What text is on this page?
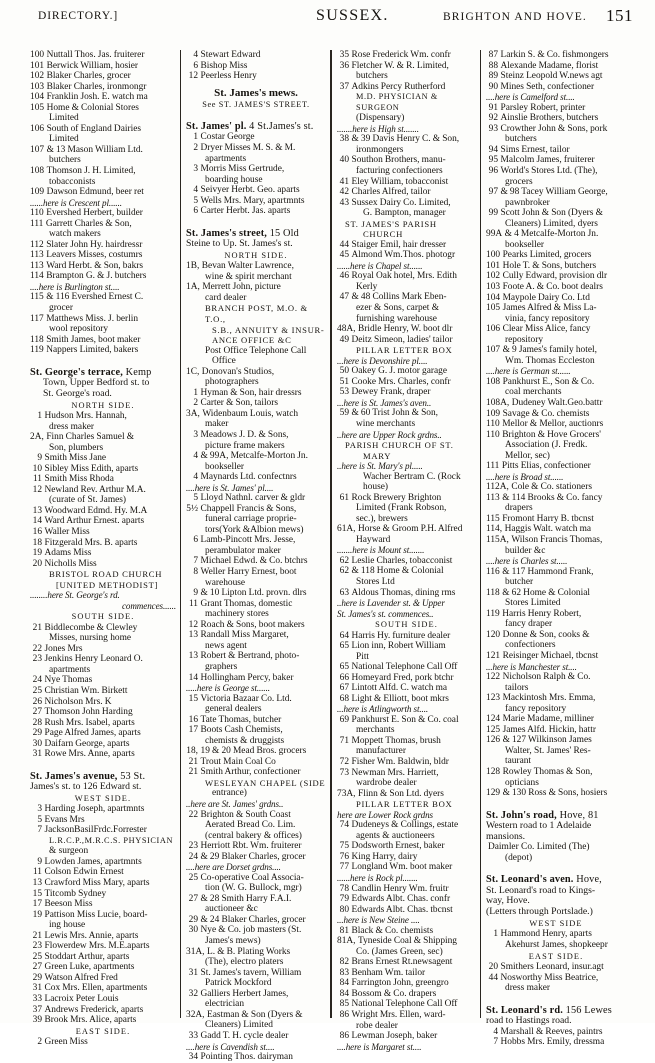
DIRECTORY.]	SUSSEX.	BRIGHTON AND HOVE. 151
100 Nuttall Thos. Jas. fruiterer
101 Berwick William, hosier
102 Blaker Charles, grocer
103 Blaker Charles, ironmongr
104 Franklin Josh. E. watch ma
105 Home & Colonial Stores
Limited
106 South of England Dairies
Limited
107 & 13 Mason William Ltd.
butchers
108 Thomson J. H. Limited,
tobacconists
109 Dawson Edmund, beer ret
......here is Crescent pl......
110 Evershed Herbert, builder
111 Garrett Charles & Son,
watch makers
112 Slater John Hy. hairdressr
113 Leavers Misses, costumrs
113 Ward Herbt. & Son, bakrs
114 Brampton G. & J. butchers
....here is Burlington st....
115 & 116 Evershed Ernest C.
grocer
117 Matthews Miss. J. berlin
wool repository
118 Smith James, boot maker
119 Nappers Limited, bakers
St. George's terrace, Kemp
Town, Upper Bedford st. to
St. George's road.
NORTH SIDE.
1 Hudson Mrs. Hannah,
dress maker
2A, Finn Charles Samuel &
Son, plumbers
9 Smith Miss Jane
10 Sibley Miss Edith, aparts
11 Smith Miss Rhoda
12 Newland Rev. Arthur M.A.
(curate of St. James)
13 Woodward Edmd. Hy. M.A
14 Ward Arthur Ernest. aparts
16 Waller Miss
18 Fitzgerald Mrs. B. aparts
19 Adams Miss
20 Nicholls Miss
BRISTOL ROAD CHURCH
[UNITED METHODIST]
........here St. George's rd.
commences......
SOUTH SIDE.
21 Biddlecombe & Clewley
Misses, nursing home
22 Jones Mrs
23 Jenkins Henry Leonard O.
apartments
24 Nye Thomas
25 Christian Wm. Birkett
26 Nicholson Mrs. K
27 Thomson John Harding
28 Rush Mrs. Isabel, aparts
29 Page Alfred James, aparts
30 Daifarn George, aparts
31 Rowe Mrs. Anne, aparts
St. James's avenue, 53 St.
James's st. to 126 Edward st.
WEST SIDE.
3 Harding Joseph, apartmnts
5 Evans Mrs
7 JacksonBasilFrdc.Forrester
L.R.C.P.,M.R.C.S. PHYSICIAN
& surgeon
9 Lowden James, apartmnts
11 Colson Edwin Ernest
13 Crawford Miss Mary, aparts
15 Titcomb Sydney
17 Beeson Miss
19 Pattison Miss Lucie, board-
ing house
21 Lewis Mrs. Annie, aparts
23 Flowerdew Mrs. M.E.aparts
25 Stoddart Arthur, aparts
27 Green Luke, apartments
29 Watson Alfred Fred
31 Cox Mrs. Ellen, apartments
33 Lacroix Peter Louis
37 Andrews Frederick, aparts
39 Brook Mrs. Alice, aparts
EAST SIDE.
2 Green Miss
4 Stewart Edward
6 Bishop Miss
12 Peerless Henry
St. James's mews.
See ST. JAMES'S STREET.
St. James' pl. 4 St.James's st.
1 Costar George
2 Dryer Misses M. S. & M.
apartments
3 Morris Miss Gertrude,
boarding house
4 Seivyer Herbt. Geo. aparts
5 Wells Mrs. Mary, apartmnts
6 Carter Herbt. Jas. aparts
St. James's street, 15 Old
Steine to Up. St. James's st.
NORTH SIDE.
1B, Bevan Walter Lawrence,
wine & spirit merchant
1A, Merrett John, picture
card dealer
BRANCH POST, M.O. & T.O.,
S.B., ANNUITY & INSUR-
ANCE OFFICE &C
Post Office Telephone Call
Office
1C, Donovan's Studios,
photographers
1 Hyman & Son, hair dressrs
2 Carter & Son, tailors
3A, Widenbaum Louis, watch
maker
3 Meadows J. D. & Sons,
picture frame makers
4 & 99A, Metcalfe-Morton Jn.
bookseller
4 Maynards Ltd. confectnrs
....here is St. James' pl....
5 Lloyd Nathnl. carver & gldr
5½ Chappell Francis & Sons,
funeral carriage proprie-
tors(York &Albion mews)
6 Lamb-Pincott Mrs. Jesse,
perambulator maker
7 Michael Edwd. & Co. btchrs
8 Weller Harry Ernest, boot
warehouse
9 & 10 Lipton Ltd. provn. dlrs
11 Grant Thomas, domestic
machinery stores
12 Roach & Sons, boot makers
13 Randall Miss Margaret,
news agent
13 Robert & Bertrand, photo-
graphers
14 Hollingham Percy, baker
.....here is George st......
15 Victoria Bazaar Co. Ltd.
general dealers
16 Tate Thomas, butcher
17 Boots Cash Chemists,
chemists & druggists
18, 19 & 20 Mead Bros. grocers
21 Trout Main Coal Co
21 Smith Arthur, confectioner
WESLEYAN CHAPEL (SIDE
entrance)
..here are St. James' grdns..
22 Brighton & South Coast
Aerated Bread Co. Lim.
(central bakery & offices)
23 Herriott Rbt. Wm. fruiterer
24 & 29 Blaker Charles, grocer
....here are Dorset grdns....
25 Co-operative Coal Associa-
tion (W. G. Bullock, mgr)
27 & 28 Smith Harry F.A.I.
auctioneer &c
29 & 24 Blaker Charles, grocer
30 Nye & Co. job masters (St.
James's mews)
31A, L. & B. Plating Works
(The), electro platers
31 St. James's tavern, William
Patrick Mockford
32 Galliers Herbert James,
electrician
32A, Eastman & Son (Dyers &
Cleaners) Limited
33 Gadd T. H. cycle dealer
....here is Cavendish st....
34 Pointing Thos. dairyman
35 Rose Frederick Wm. confr
36 Fletcher W. & R. Limited,
butchers
37 Adkins Percy Rutherford
M.D. PHYSICIAN & SURGEON
(Dispensary)
.......here is High st.......
38 & 39 Davis Henry C. & Son,
ironmongers
40 Southon Brothers, manu-
facturing confectioners
41 Eley William, tobacconist
42 Charles Alfred, tailor
43 Sussex Dairy Co. Limited,
G. Bampton, manager
ST. JAMES'S PARISH
CHURCH
44 Staiger Emil, hair dresser
45 Almond Wm.Thos. photogr
......here is Chapel st......
46 Royal Oak hotel, Mrs. Edith
Kerly
47 & 48 Collins Mark Eben-
ezer & Sons, carpet &
furnishing warehouse
48A, Bridle Henry, W. boot dlr
49 Deitz Simeon, ladies' tailor
PILLAR LETTER BOX
...here is Devonshire pl....
50 Oakey G. J. motor garage
51 Cooke Mrs. Charles, confr
53 Dewey Frank, draper
...here is St. James's aven..
59 & 60 Trist John & Son,
wine merchants
..here are Upper Rock grdns..
PARISH CHURCH OF ST.
MARY
..here is St. Mary's pl.....
Wacher Bertram C. (Rock
house)
61 Rock Brewery Brighton
Limited (Frank Robson,
sec.), brewers
61A, Horse & Groom P.H. Alfred
Hayward
.......here is Mount st.......
62 Leslie Charles, tobacconist
62 & 118 Home & Colonial
Stores Ltd
63 Aldous Thomas, dining rms
..here is Lavender st. & Upper
St. James's st. commences..
SOUTH SIDE.
64 Harris Hy. furniture dealer
65 Lion inn, Robert William
Pitt
65 National Telephone Call Off
66 Homeyard Fred, pork btchr
67 Lintott Alfd. C. watch ma
68 Light & Elliott, boot mkrs
...here is Atlingworth st....
69 Pankhurst E. Son & Co. coal
merchants
71 Moppett Thomas, brush
manufacturer
72 Fisher Wm. Baldwin, bldr
73 Newman Mrs. Harriett,
wardrobe dealer
73A, Flinn & Son Ltd. dyers
PILLAR LETTER BOX
here are Lower Rock grdns
74 Dudeneys & Collings, estate
agents & auctioneers
75 Dodsworth Ernest, baker
76 King Harry, dairy
77 Longland Wm. boot maker
......here is Rock pl.......
78 Candlin Henry Wm. fruitr
79 Edwards Albt. Chas. confr
80 Edwards Albt. Chas. tbcnst
...here is New Steine ....
81 Black & Co. chemists
81A, Tyneside Coal & Shipping
Co. (James Green, sec)
82 Brans Ernest Rt.newsagent
83 Benham Wm. tailor
84 Farrington John, greengro
84 Bossom & Co. drapers
85 National Telephone Call Off
86 Wright Mrs. Ellen, ward-
robe dealer
86 Lewman Joseph, baker
....here is Margaret st....
87 Larkin S. & Co. fishmongers
88 Alexande Madame, florist
89 Steinz Leopold W.news agt
90 Mines Seth, confectioner
....here is Camelford st....
91 Parsley Robert, printer
92 Ainslie Brothers, butchers
93 Crowther John & Sons, pork
butchers
94 Sims Ernest, tailor
95 Malcolm James, fruiterer
96 World's Stores Ltd. (The),
grocers
97 & 98 Tacey William George,
pawnbroker
99 Scott John & Son (Dyers &
Cleaners) Limited, dyers
99A & 4 Metcalfe-Morton Jn.
bookseller
100 Pearks Limited, grocers
101 Hole T. & Sons, butchers
102 Cully Edward, provision dlr
103 Foote A. & Co. boot dealrs
104 Maypole Dairy Co. Ltd
105 James Alfred & Miss La-
vinia, fancy repository
106 Clear Miss Alice, fancy
repository
107 & 9 James's family hotel,
Wm. Thomas Eccleston
....here is German st......
108 Pankhurst E., Son & Co.
coal merchants
108A, Dudeney Walt.Geo.battr
109 Savage & Co. chemists
110 Mellor & Mellor, auctionrs
110 Brighton & Hove Grocers'
Association (J. Fredk.
Mellor, sec)
111 Pitts Elias, confectioner
....here is Broad st......
112A, Cole & Co. stationers
113 & 114 Brooks & Co. fancy
drapers
115 Fromont Harry B. tbcnst
114, Haggis Walt. watch ma
115A, Wilson Francis Thomas,
builder &c
....here is Charles st.....
116 & 117 Hammond Frank,
butcher
118 & 62 Home & Colonial
Stores Limited
119 Harris Henry Robert,
fancy draper
120 Donne & Son, cooks &
confectioners
121 Reisinger Michael, tbcnst
...here is Manchester st....
122 Nicholson Ralph & Co.
tailors
123 Mackintosh Mrs. Emma,
fancy repository
124 Marie Madame, milliner
125 James Alfd. Hickin, hattr
126 & 127 Wilkinson James
Walter, St. James' Res-
taurant
128 Rowley Thomas & Son,
opticians
129 & 130 Ross & Sons, hosiers
St. John's road, Hove, 81
Western road to 1 Adelaide
mansions.
Daimler Co. Limited (The)
(depot)
St. Leonard's aven. Hove,
St. Leonard's road to Kings-
way, Hove.
(Letters through Portslade.)
WEST SIDE
1 Hammond Henry, aparts
Akehurst James, shopkeepr
EAST SIDE.
20 Smithers Leonard, insur.agt
44 Nosworthy Miss Beatrice,
dress maker
St. Leonard's rd. 156 Lewes
road to Hastings road.
4 Marshall & Reeves, paintrs
7 Hobbs Mrs. Emily, dressma
